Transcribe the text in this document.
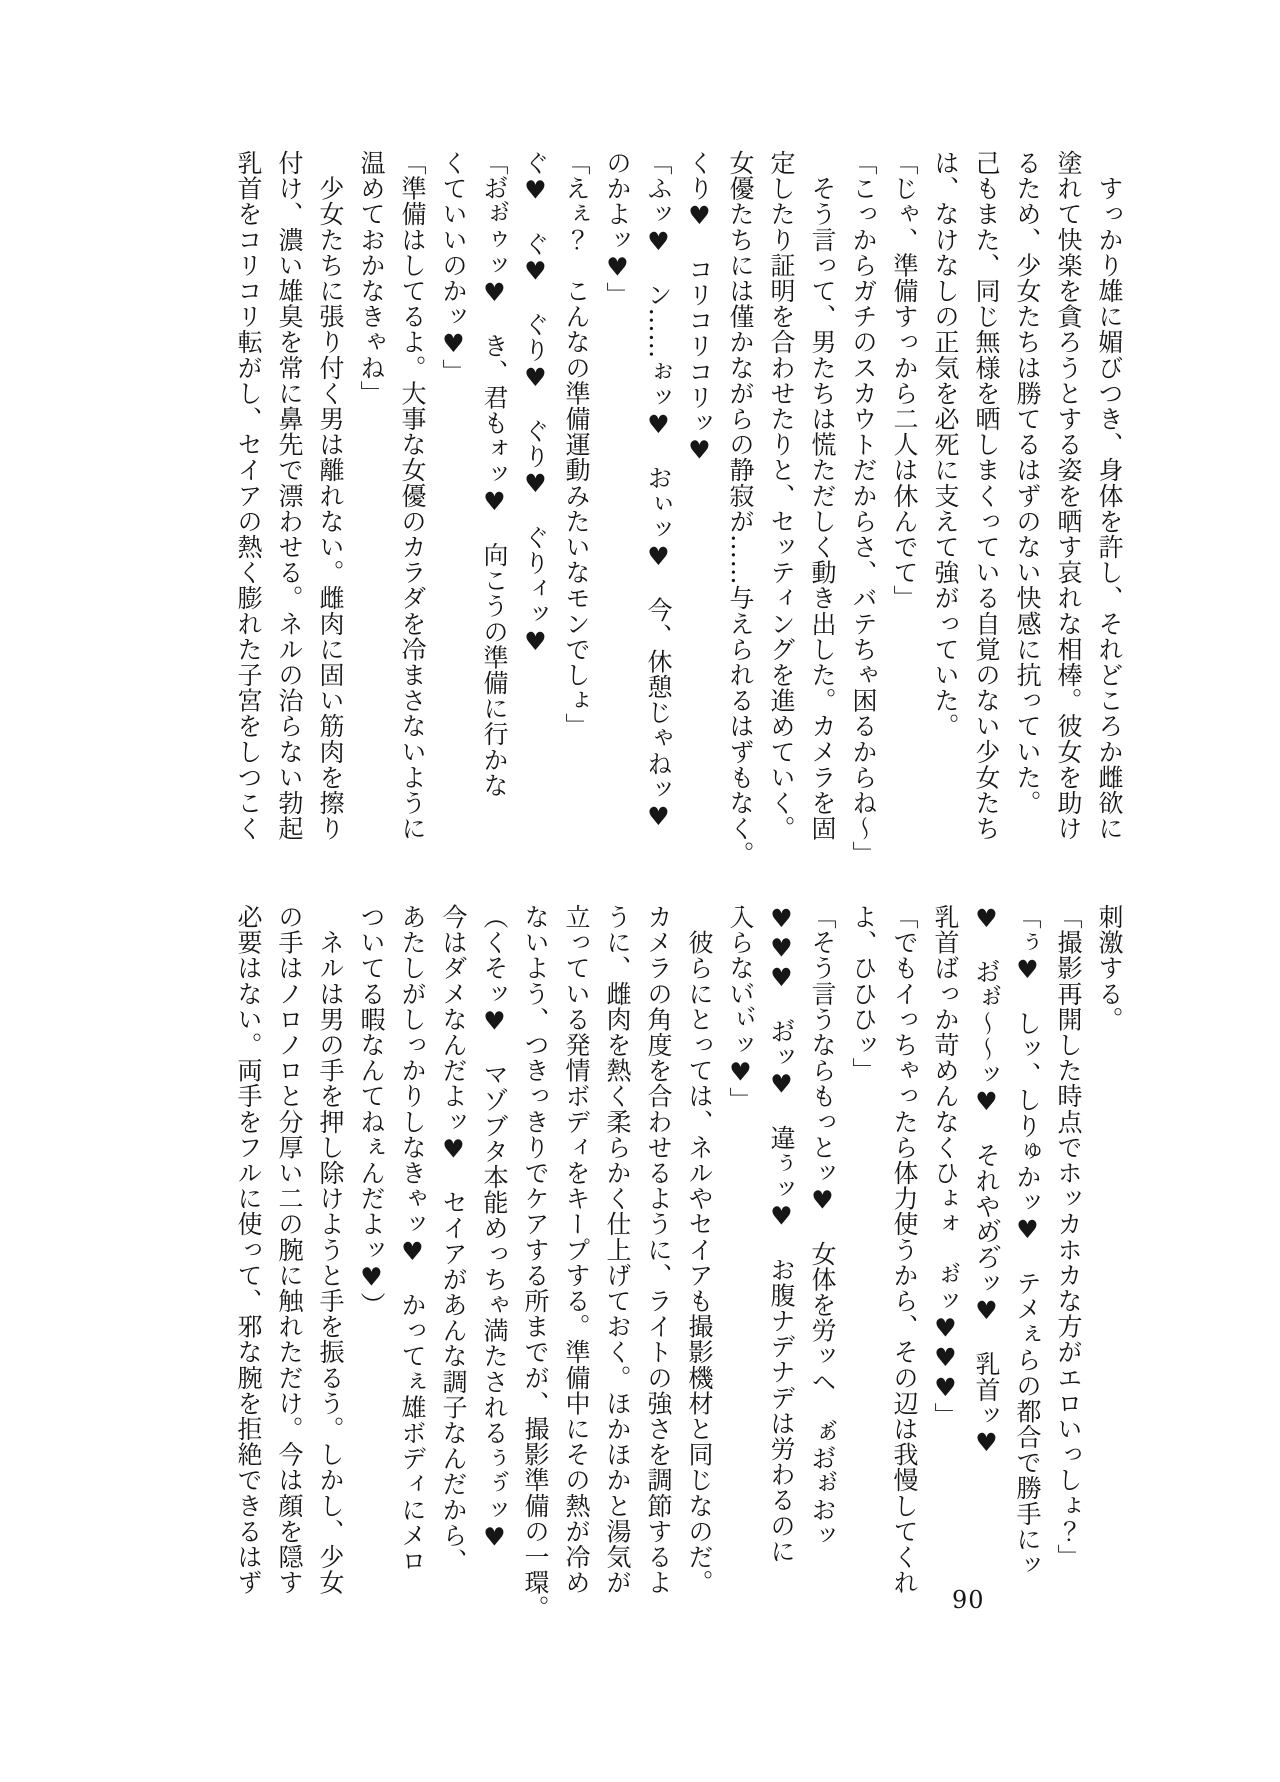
　すっかり雄に媚びつき、身体を許し、それどころか雌欲に

塗れて快楽を貪ろうとする姿を晒す哀れな相棒。彼女を助け

るため、少女たちは勝てるはずのない快感に抗っていた。

己もまた、同じ無様を晒しまくっている自覚のない少女たち

は、なけなしの正気を必死に支えて強がっていた。

「じゃ、準備すっから二人は休んでて」

「こっからガチのスカウトだからさ、バテちゃ困るからね～」

　そう言って、男たちは慌ただしく動き出した。カメラを固

定したり証明を合わせたりと、セッティングを進めていく。

女優たちには僅かながらの静寂が……与えられるはずもなく。

くり♥　コリコリコリッ♥

「ふッ♥　ン……ぉッ♥　おぃッ♥　今、休憩じゃねッ♥

のかよッ♥」

「えぇ？　こんなの準備運動みたいなモンでしょ」

ぐ♥　ぐ♥　ぐり♥　ぐり♥　ぐりィッ♥

「お゙ぉ゙ゥッ♥　き、君もォッ♥　向こうの準備に行かな

くていいのかッ♥」

「準備はしてるよ。大事な女優のカラダを冷まさないように

温めておかなきゃね」

　少女たちに張り付く男は離れない。雌肉に固い筋肉を擦り

付け、濃い雄臭を常に鼻先で漂わせる。ネルの治らない勃起

乳首をコリコリ転がし、セイアの熱く膨れた子宮をしつこく

刺激する。

「撮影再開した時点でホッカホカな方がエロいっしょ？」

「ぅ♥　しッ、しりゅかッ♥　テメぇらの都合で勝手にッ

♥　お゙ぉ゙～～ッ♥　それやめ゙ろ゙ッ♥　乳首ッ♥

乳首ばっか苛めんなくひょォ　ぉ゙ッ♥♥♥」

「でもイっちゃったら体力使うから、その辺は我慢してくれ

よ、ひひひッ」

「そう言うならもっとッ♥　女体を労ッヘ　ぁ゙お゙ぉ゙おッ

♥♥♥　お゙ッ♥　違ぅッ♥　お腹ナデナデは労わるのに

入らない゙ぃ゙ッ♥」

　彼らにとっては、ネルやセイアも撮影機材と同じなのだ。

カメラの角度を合わせるように、ライトの強さを調節するよ

うに、雌肉を熱く柔らかく仕上げておく。ほかほかと湯気が

立っている発情ボディをキープする。準備中にその熱が冷め

ないよう、つきっきりでケアする所までが、撮影準備の一環。

（くそッ♥　マゾブタ本能めっちゃ満たされるぅぅ゙ッ♥

今はダメなんだよッ♥　セイアがあんな調子なんだから、

あたしがしっかりしなきゃッ♥　かってぇ雄ボディにメロ

ついてる暇なんてねぇんだよッ♥）

　ネルは男の手を押し除けようと手を振るう。しかし、少女

の手はノロノロと分厚い二の腕に触れただけ。今は顔を隠す

必要はない。両手をフルに使って、邪な腕を拒絶できるはず

90
